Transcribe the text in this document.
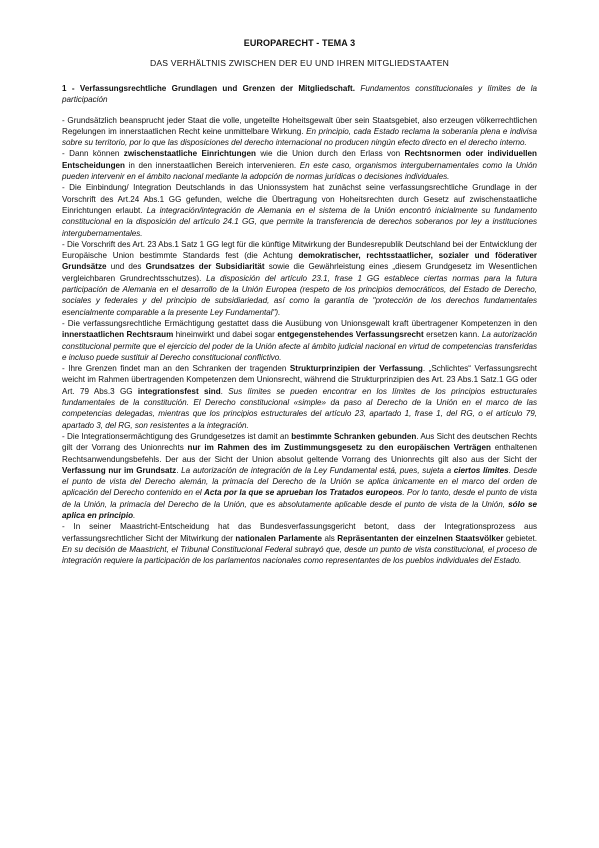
EUROPARECHT - TEMA 3
DAS VERHÄLTNIS ZWISCHEN DER EU UND IHREN MITGLIEDSTAATEN

1 - Verfassungsrechtliche Grundlagen und Grenzen der Mitgliedschaft. Fundamentos constitucionales y límites de la participación

- Grundsätzlich beansprucht jeder Staat die volle, ungeteilte Hoheitsgewalt über sein Staatsgebiet, also erzeugen völkerrechtlichen Regelungen im innerstaatlichen Recht keine unmittelbare Wirkung. En principio, cada Estado reclama la soberanía plena e indivisa sobre su territorio, por lo que las disposiciones del derecho internacional no producen ningún efecto directo en el derecho interno.

- Dann können zwischenstaatliche Einrichtungen wie die Union durch den Erlass von Rechtsnormen oder individuellen Entscheidungen in den innerstaatlichen Bereich intervenieren. En este caso, organismos intergubernamentales como la Unión pueden intervenir en el ámbito nacional mediante la adopción de normas jurídicas o decisiones individuales.

- Die Einbindung/ Integration Deutschlands in das Unionssystem hat zunächst seine verfassungsrechtliche Grundlage in der Vorschrift des Art.24 Abs.1 GG gefunden, welche die Übertragung von Hoheitsrechten durch Gesetz auf zwischenstaatliche Einrichtungen erlaubt. La integración/integración de Alemania en el sistema de la Unión encontró inicialmente su fundamento constitucional en la disposición del artículo 24.1 GG, que permite la transferencia de derechos soberanos por ley a instituciones intergubernamentales.

- Die Vorschrift des Art. 23 Abs.1 Satz 1 GG legt für die künftige Mitwirkung der Bundesrepublik Deutschland bei der Entwicklung der Europäische Union bestimmte Standards fest (die Achtung demokratischer, rechtsstaatlicher, sozialer und föderativer Grundsätze und des Grundsatzes der Subsidiarität sowie die Gewährleistung eines „diesem Grundgesetz im Wesentlichen vergleichbaren Grundrechtsschutzes). La disposición del artículo 23.1, frase 1 GG establece ciertas normas para la futura participación de Alemania en el desarrollo de la Unión Europea (respeto de los principios democráticos, del Estado de Derecho, sociales y federales y del principio de subsidiariedad, así como la garantía de "protección de los derechos fundamentales esencialmente comparable a la presente Ley Fundamental").

- Die verfassungsrechtliche Ermächtigung gestattet dass die Ausübung von Unionsgewalt kraft übertragener Kompetenzen in den innerstaatlichen Rechtsraum hineinwirkt und dabei sogar entgegenstehendes Verfassungsrecht ersetzen kann. La autorización constitucional permite que el ejercicio del poder de la Unión afecte al ámbito judicial nacional en virtud de competencias transferidas e incluso puede sustituir al Derecho constitucional conflictivo.

- Ihre Grenzen findet man an den Schranken der tragenden Strukturprinzipien der Verfassung. „Schlichtes“ Verfassungsrecht weicht im Rahmen übertragenden Kompetenzen dem Unionsrecht, während die Strukturprinzipien des Art. 23 Abs.1 Satz.1 GG oder Art. 79 Abs.3 GG integrationsfest sind. Sus límites se pueden encontrar en los límites de los principios estructurales fundamentales de la constitución. El Derecho constitucional «simple» da paso al Derecho de la Unión en el marco de las competencias delegadas, mientras que los principios estructurales del artículo 23, apartado 1, frase 1, del RG, o el artículo 79, apartado 3, del RG, son resistentes a la integración.

- Die Integrationsermächtigung des Grundgesetzes ist damit an bestimmte Schranken gebunden. Aus Sicht des deutschen Rechts gilt der Vorrang des Unionrechts nur im Rahmen des im Zustimmungsgesetz zu den europäischen Verträgen enthaltenen Rechtsanwendungsbefehls. Der aus der Sicht der Union absolut geltende Vorrang des Unionrechts gilt also aus der Sicht der Verfassung nur im Grundsatz. La autorización de integración de la Ley Fundamental está, pues, sujeta a ciertos límites. Desde el punto de vista del Derecho alemán, la primacía del Derecho de la Unión se aplica únicamente en el marco del orden de aplicación del Derecho contenido en el Acta por la que se aprueban los Tratados europeos. Por lo tanto, desde el punto de vista de la Unión, la primacía del Derecho de la Unión, que es absolutamente aplicable desde el punto de vista de la Unión, sólo se aplica en principio.

- In seiner Maastricht-Entscheidung hat das Bundesverfassungsgericht betont, dass der Integrationsprozess aus verfassungsrechtlicher Sicht der Mitwirkung der nationalen Parlamente als Repräsentanten der einzelnen Staatsvölker gebietet. En su decisión de Maastricht, el Tribunal Constitucional Federal subrayó que, desde un punto de vista constitucional, el proceso de integración requiere la participación de los parlamentos nacionales como representantes de los pueblos individuales del Estado.
